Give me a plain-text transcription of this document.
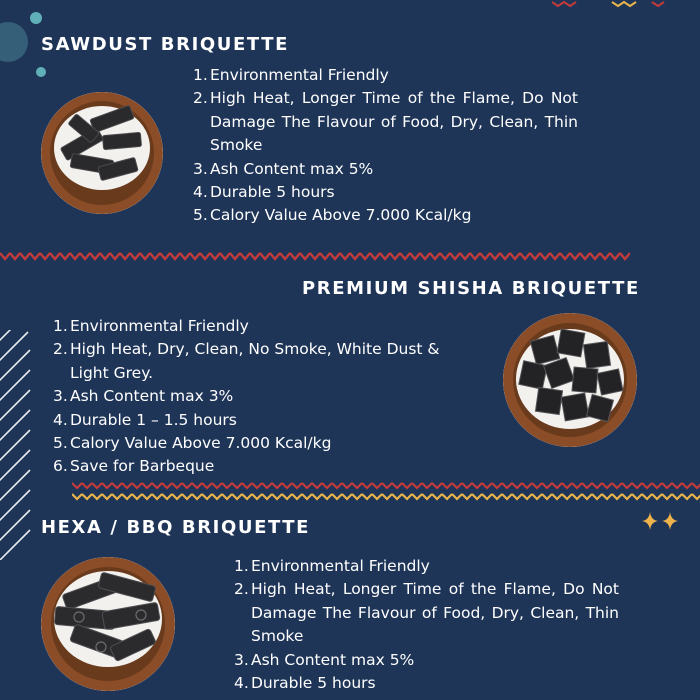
SAWDUST BRIQUETTE
1. Environmental Friendly
2. High Heat, Longer Time of the Flame, Do Not Damage The Flavour of Food, Dry, Clean, Thin Smoke
3. Ash Content max 5%
4. Durable 5 hours
5. Calory Value Above 7.000 Kcal/kg
PREMIUM SHISHA BRIQUETTE
1. Environmental Friendly
2. High Heat, Dry, Clean, No Smoke, White Dust & Light Grey.
3. Ash Content max 3%
4. Durable 1 – 1.5 hours
5. Calory Value Above 7.000 Kcal/kg
6. Save for Barbeque
HEXA / BBQ BRIQUETTE
1. Environmental Friendly
2. High Heat, Longer Time of the Flame, Do Not Damage The Flavour of Food, Dry, Clean, Thin Smoke
3. Ash Content max 5%
4. Durable 5 hours
